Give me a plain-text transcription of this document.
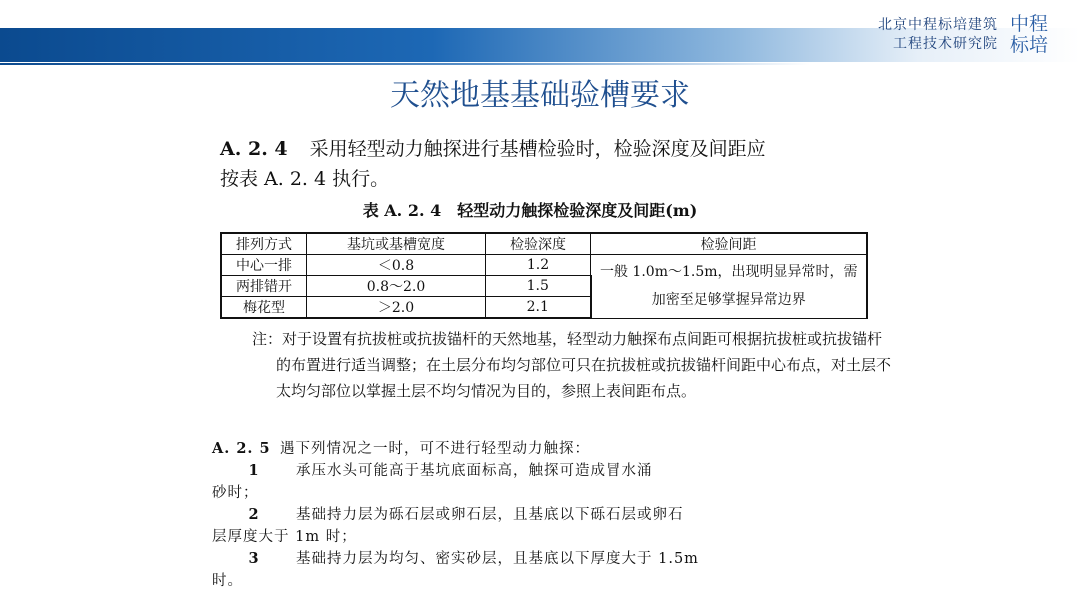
北京中程标培建筑
工程技术研究院
中程
标培
天然地基基础验槽要求
A. 2. 4 采用轻型动力触探进行基槽检验时，检验深度及间距应
按表 A. 2. 4 执行。
表 A. 2. 4　轻型动力触探检验深度及间距(m)
排列方式	基坑或基槽宽度	检验深度	检验间距
中心一排	＜0.8	1.2	一般 1.0m～1.5m，出现明显异常时，需加密至足够掌握异常边界
两排错开	0.8～2.0	1.5	
梅花型	＞2.0	2.1	
注：对于设置有抗拔桩或抗拔锚杆的天然地基，轻型动力触探布点间距可根据抗拔桩或抗拔锚杆的布置进行适当调整；在土层分布均匀部位可只在抗拔桩或抗拔锚杆间距中心布点，对土层不太均匀部位以掌握土层不均匀情况为目的，参照上表间距布点。
A. 2. 5 遇下列情况之一时，可不进行轻型动力触探：
1	承压水头可能高于基坑底面标高，触探可造成冒水涌
砂时；
2	基础持力层为砾石层或卵石层，且基底以下砾石层或卵石
层厚度大于 1m 时；
3	基础持力层为均匀、密实砂层，且基底以下厚度大于 1.5m
时。
